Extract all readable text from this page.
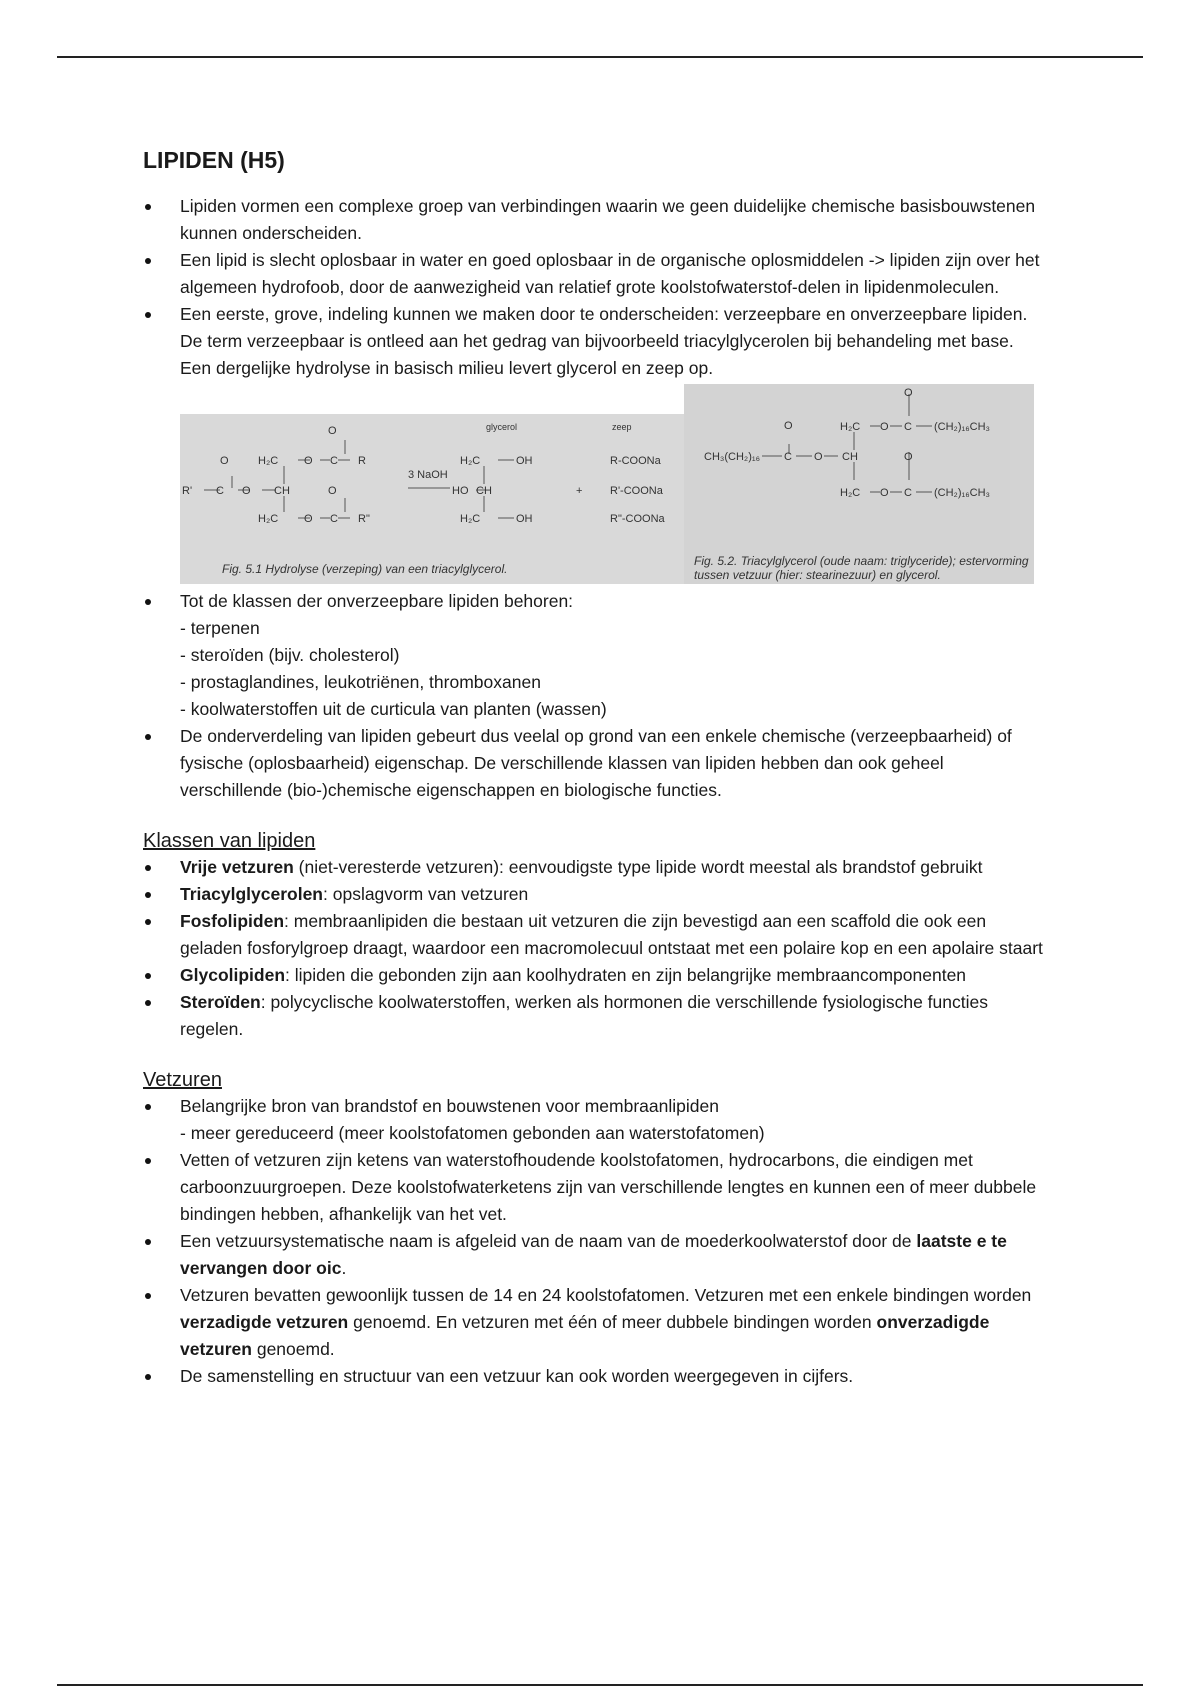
LIPIDEN (H5)
Lipiden vormen een complexe groep van verbindingen waarin we geen duidelijke chemische basisbouwstenen kunnen onderscheiden.
Een lipid is slecht oplosbaar in water en goed oplosbaar in de organische oplosmiddelen -> lipiden zijn over het algemeen hydrofoob, door de aanwezigheid van relatief grote koolstofwaterstof-delen in lipidenmoleculen.
Een eerste, grove, indeling kunnen we maken door te onderscheiden: verzeepbare en onverzeepbare lipiden. De term verzeepbaar is ontleed aan het gedrag van bijvoorbeeld triacylglycerolen bij behandeling met base. Een dergelijke hydrolyse in basisch milieu levert glycerol en zeep op.
O
O	H₂C O C R
R' C O CH	O
H₂C O C R"
3 NaOH
glycerol	zeep
H₂C	OH
HO CH
H₂C	OH
+
R-COONa
R'-COONa
R"-COONa
Fig. 5.1 Hydrolyse (verzeping) van een triacylglycerol.
O
O	H₂C O C (CH₂)₁₆CH₃
CH₃(CH₂)₁₆ C O CH	O
H₂C O C (CH₂)₁₆CH₃
Fig. 5.2. Triacylglycerol (oude naam: triglyceride); estervorming tussen vetzuur (hier: stearinezuur) en glycerol.
Tot de klassen der onverzeepbare lipiden behoren:
- terpenen
- steroïden (bijv. cholesterol)
- prostaglandines, leukotriënen, thromboxanen
- koolwaterstoffen uit de curticula van planten (wassen)
De onderverdeling van lipiden gebeurt dus veelal op grond van een enkele chemische (verzeepbaarheid) of fysische (oplosbaarheid) eigenschap. De verschillende klassen van lipiden hebben dan ook geheel verschillende (bio-)chemische eigenschappen en biologische functies.
Klassen van lipiden
Vrije vetzuren (niet-veresterde vetzuren): eenvoudigste type lipide wordt meestal als brandstof gebruikt
Triacylglycerolen: opslagvorm van vetzuren
Fosfolipiden: membraanlipiden die bestaan uit vetzuren die zijn bevestigd aan een scaffold die ook een geladen fosforylgroep draagt, waardoor een macromolecuul ontstaat met een polaire kop en een apolaire staart
Glycolipiden: lipiden die gebonden zijn aan koolhydraten en zijn belangrijke membraancomponenten
Steroïden: polycyclische koolwaterstoffen, werken als hormonen die verschillende fysiologische functies regelen.
Vetzuren
Belangrijke bron van brandstof en bouwstenen voor membraanlipiden
- meer gereduceerd (meer koolstofatomen gebonden aan waterstofatomen)
Vetten of vetzuren zijn ketens van waterstofhoudende koolstofatomen, hydrocarbons, die eindigen met carboonzuurgroepen. Deze koolstofwaterketens zijn van verschillende lengtes en kunnen een of meer dubbele bindingen hebben, afhankelijk van het vet.
Een vetzuursystematische naam is afgeleid van de naam van de moederkoolwaterstof door de laatste e te vervangen door oic.
Vetzuren bevatten gewoonlijk tussen de 14 en 24 koolstofatomen. Vetzuren met een enkele bindingen worden verzadigde vetzuren genoemd. En vetzuren met één of meer dubbele bindingen worden onverzadigde vetzuren genoemd.
De samenstelling en structuur van een vetzuur kan ook worden weergegeven in cijfers.
